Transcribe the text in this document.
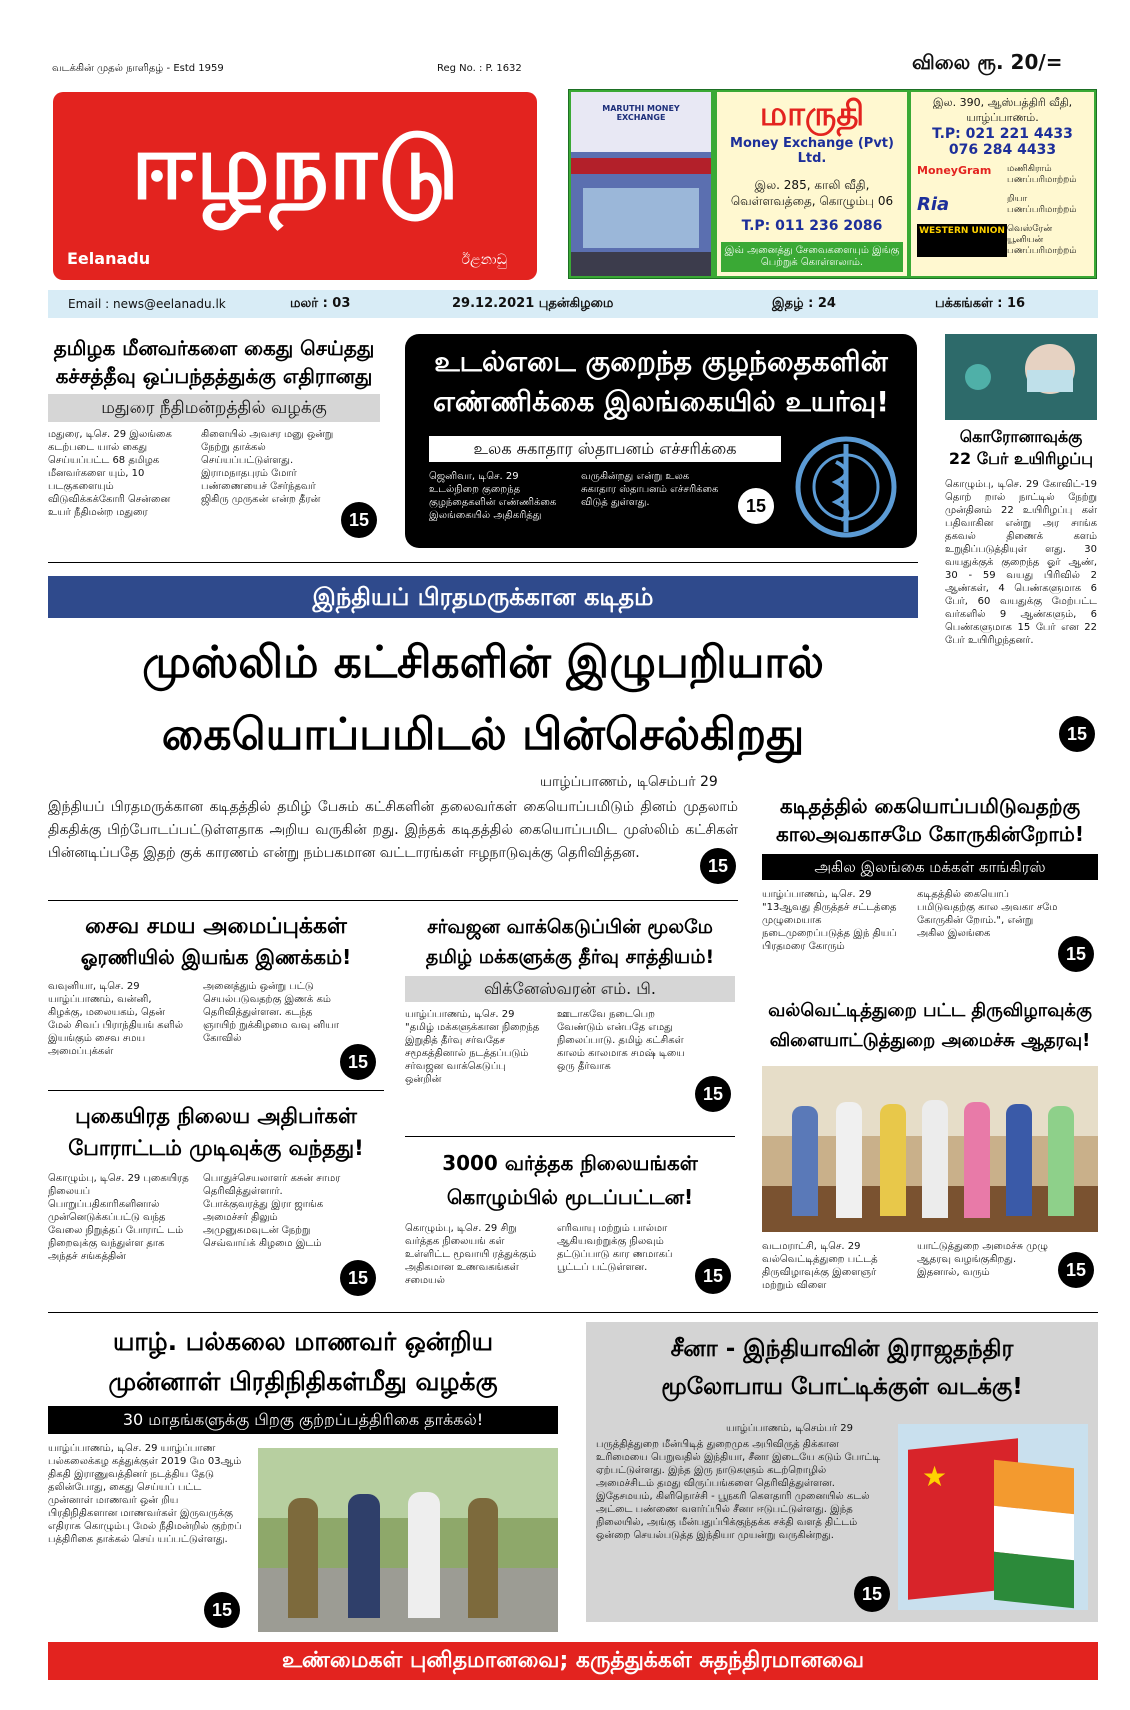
வடக்கின் முதல் நாளிதழ் - Estd 1959	Reg No. : P. 1632	விலை ரூ. 20/=
ஈழநாடு
Eelanadu	ඊළනාඩු
MARUTHI MONEY EXCHANGE	மாருதி
Money Exchange (Pvt) Ltd.
இல. 285, காலி வீதி,
வெள்ளவத்தை, கொழும்பு 06
T.P: 011 236 2086
இவ் அனைத்து சேவைகளையும் இங்கு பெற்றுக் கொள்ளலாம்.
இல. 390, ஆஸ்பத்திரி வீதி, யாழ்ப்பாணம்.
T.P: 021 221 4433
076 284 4433
MoneyGram	மணிகிராம் பணப்பரிமாற்றம்
Ria	றியா பணப்பரிமாற்றம்
WESTERN UNION வெஸ்ரேன் யூனியன் பணப்பரிமாற்றம்
Email : news@eelanadu.lk	மலர் : 03	29.12.2021 புதன்கிழமை	இதழ் : 24	பக்கங்கள் : 16
தமிழக மீனவர்களை கைது செய்தது
கச்சத்தீவு ஒப்பந்தத்துக்கு எதிரானது
மதுரை நீதிமன்றத்தில் வழக்கு
மதுரை, டிசெ. 29 இலங்கை கடற்படை யால் கைது செய்யப்பட்ட 68 தமிழக மீனவர்களை யும், 10 படகுகளையும் விடுவிக்கக்கோரி சென்னை உயர் நீதிமன்ற மதுரை
கிளையில் அவசர மனு ஒன்று நேற்று தாக்கல் செய்யப்பட்டுள்ளது. இராமநாதபுரம் மோர் பண்ணையைச் சேர்ந்தவர் ஜிகிரு முருகன் என்ற தீரன்
15
உடல்எடை குறைந்த குழந்தைகளின்
எண்ணிக்கை இலங்கையில் உயர்வு!
உலக சுகாதார ஸ்தாபனம் எச்சரிக்கை
ஜெனிவா, டிசெ. 29 உடல்நிறை குறைந்த குழந்தைகளின் எண்ணிக்கை இலங்கையில் அதிகரித்து
வருகின்றது என்று உலக சுகாதார ஸ்தாபனம் எச்சரிக்கை விடுத் துள்ளது.	15
கொரோனாவுக்கு
22 பேர் உயிரிழப்பு
கொழும்பு, டிசெ. 29 கோவிட்-19 தொற் றால் நாட்டில் நேற்று முன்தினம் 22 உயிரிழப்பு கள் பதிவாகின என்று அர சாங்க தகவல் திணைக் களம் உறுதிப்படுத்தியுள் ளது. 30 வயதுக்குக் குறைந்த ஓர் ஆண், 30 - 59 வயது பிரிவில் 2 ஆண்கள், 4 பெண்களுமாக 6 பேர், 60 வயதுக்கு மேற்பட்ட வர்களில் 9 ஆண்களும், 6 பெண்களுமாக 15 பேர் என 22 பேர் உயிரிழந்தனர்.
15
இந்தியப் பிரதமருக்கான கடிதம்
முஸ்லிம் கட்சிகளின் இழுபறியால்
கையொப்பமிடல் பின்செல்கிறது
யாழ்ப்பாணம், டிசெம்பர் 29
இந்தியப் பிரதமருக்கான கடிதத்தில் தமிழ் பேசும் கட்சிகளின் தலைவர்கள் கையொப்பமிடும் தினம் முதலாம் திகதிக்கு பிற்போடப்பட்டுள்ளதாக அறிய வருகின் றது. இந்தக் கடிதத்தில் கையொப்பமிட முஸ்லிம் கட்சிகள் பின்னடிப்பதே இதற் குக் காரணம் என்று நம்பகமான வட்டாரங்கள் ஈழநாடுவுக்கு தெரிவித்தன.
15
கடிதத்தில் கையொப்பமிடுவதற்கு
காலஅவகாசமே கோருகின்றோம்!
அகில இலங்கை மக்கள் காங்கிரஸ்
யாழ்ப்பாணம், டிசெ. 29 "13ஆவது திருத்தச் சட்டத்தை முழுமையாக நடைமுறைப்படுத்த இந் தியப் பிரதமரை கோரும்
கடிதத்தில் கையொப் பமிடுவதற்கு கால அவகா சமே கோருகின் றோம்.", என்று அகில இலங்கை
15
சைவ சமய அமைப்புக்கள்
ஓரணியில் இயங்க இணக்கம்!
வவுனியா, டிசெ. 29 யாழ்ப்பாணம், வன்னி, கிழக்கு, மலையகம், தென் மேல் சிவப் பிராந்தியங் களில் இயங்கும் சைவ சமய அமைப்புக்கள்
அனைத்தும் ஒன்று பட்டு செயல்படுவதற்கு இணக் கம் தெரிவித்துள்ளன. கடந்த ஞாயிற் றுக்கிழமை வவு னியா கோவில்
15
சர்வஜன வாக்கெடுப்பின் மூலமே
தமிழ் மக்களுக்கு தீர்வு சாத்தியம்!
விக்னேஸ்வரன் எம். பி.
யாழ்ப்பாணம், டிசெ. 29 "தமிழ் மக்களுக்கான நிறைந்த இறுதித் தீர்வு சர்வதேச சமூகத்தினால் நடத்தப்படும் சர்வஜன வாக்கெடுப்பு ஒன்றின்
ஊடாகவே நடைபெற வேண்டும் என்பதே எமது நிலைப்பாடு. தமிழ் கட்சிகள் காலம் காலமாக சமஷ் டியை ஒரு தீர்வாக
15
வல்வெட்டித்துறை பட்ட திருவிழாவுக்கு
விளையாட்டுத்துறை அமைச்சு ஆதரவு!
வடமராட்சி, டிசெ. 29 வல்வெட்டித்துறை பட்டத் திருவிழாவுக்கு இளைஞர் மற்றும் விளை
யாட்டுத்துறை அமைச்சு முழு ஆதரவு வழங்குகிறது. இதனால், வரும்	15
புகையிரத நிலைய அதிபர்கள்
போராட்டம் முடிவுக்கு வந்தது!
கொழும்பு, டிசெ. 29 புகையிரத நிலையப் பொறுப்பதிகாரிகளினால் முன்னெடுக்கப்பட்டு வந்த வேலை நிறுத்தப் போராட் டம் நிறைவுக்கு வந்துள்ள தாக அந்தச் சங்கத்தின்
பொதுச்செயலாளர் கசுன் சாமர தெரிவித்துள்ளார். போக்குவரத்து இரா ஜாங்க அமைச்சர் திலும் அமுனுகமவுடன் நேற்று செவ்வாய்க் கிழமை இடம்
15
3000 வர்த்தக நிலையங்கள்
கொழும்பில் மூடப்பட்டன!
கொழும்பு, டிசெ. 29 சிறு வர்த்தக நிலையங் கள் உள்ளிட்ட மூவாயி ரத்துக்கும் அதிகமான உணவகங்கள் சமையல்
எரிவாயு மற்றும் பால்மா ஆகியவற்றுக்கு நிலவும் தட்டுப்பாடு கார ணமாகப் பூட்டப் பட்டுள்ளன.	15
யாழ். பல்கலை மாணவர் ஒன்றிய
முன்னாள் பிரதிநிதிகள்மீது வழக்கு
30 மாதங்களுக்கு பிறகு குற்றப்பத்திரிகை தாக்கல்!
யாழ்ப்பாணம், டிசெ. 29 யாழ்ப்பாண பல்கலைக்கழ கத்துக்குள் 2019 மே 03ஆம் திகதி இராணுவத்தினர் நடத்திய தேடு தலின்போது, கைது செய்யப் பட்ட முன்னாள் மாணவர் ஒன் றிய பிரதிநிதிகளான மாணவர்கள் இருவருக்கு எதிராக கொழும்பு மேல் நீதிமன்றில் குற்றப் பத்திரிகை தாக்கல் செய் யப்பட்டுள்ளது.
15
சீனா - இந்தியாவின் இராஜதந்திர
மூலோபாய போட்டிக்குள் வடக்கு!
யாழ்ப்பாணம், டிசெம்பர் 29
பருத்தித்துறை மீன்பிடித் துறைமுக அபிவிருத் திக்கான உரிமையை பெறுவதில் இந்தியா, சீனா இடையே கடும் போட்டி ஏற்பட்டுள்ளது. இந்த இரு நாடுகளும் கடற்றொழில் அமைச்சிடம் தமது விருப்பங்களை தெரிவித்துள்ளன. இதேசமயம், கிளிநொச்சி - பூநகரி கௌதாரி முனையில் கடல் அட்டை பண்ணை வளர்ப்பில் சீனா ஈடுபட்டுள்ளது. இந்த நிலையில், அங்கு மீன்பதுப்பிக்குந்தக்க சக்தி வளத் திட்டம் ஒன்றை செயல்படுத்த இந்தியா முயன்று வருகின்றது.
15
★
உண்மைகள் புனிதமானவை; கருத்துக்கள் சுதந்திரமானவை
